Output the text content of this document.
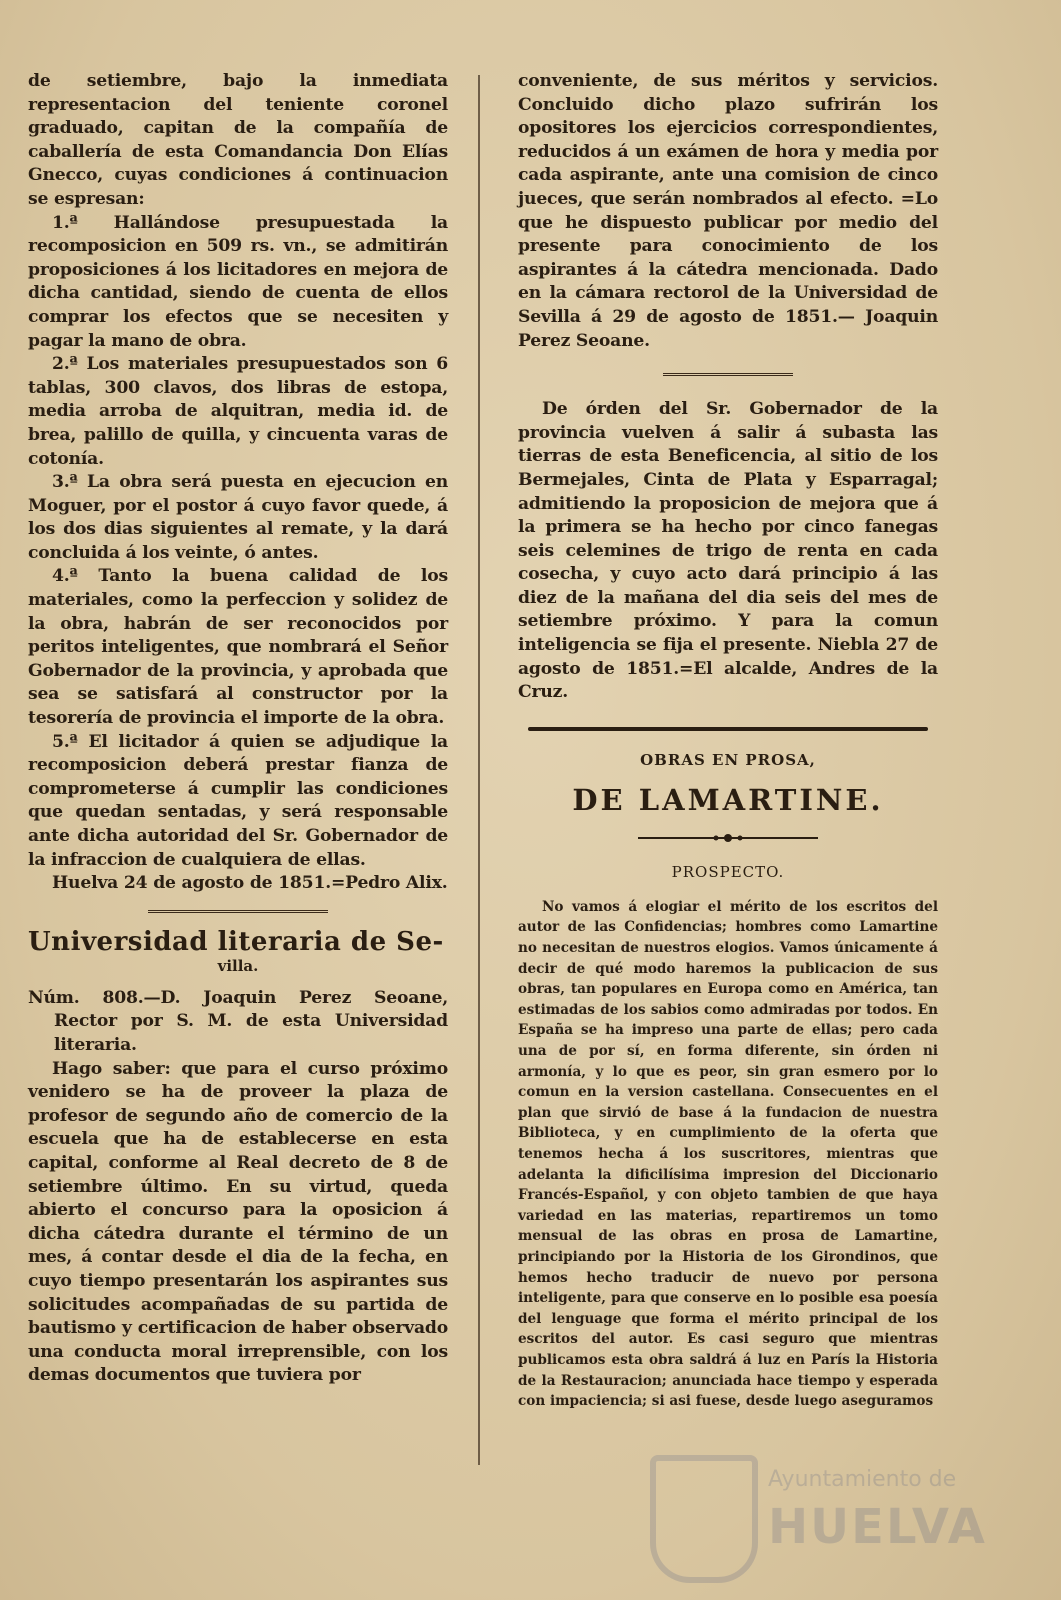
de setiembre, bajo la inmediata representacion del teniente coronel graduado, capitan de la compañía de caballería de esta Comandancia Don Elías Gnecco, cuyas condiciones á continuacion se espresan:

1.ª Hallándose presupuestada la recomposicion en 509 rs. vn., se admitirán proposiciones á los licitadores en mejora de dicha cantidad, siendo de cuenta de ellos comprar los efectos que se necesiten y pagar la mano de obra.

2.ª Los materiales presupuestados son 6 tablas, 300 clavos, dos libras de estopa, media arroba de alquitran, media id. de brea, palillo de quilla, y cincuenta varas de cotonía.

3.ª La obra será puesta en ejecucion en Moguer, por el postor á cuyo favor quede, á los dos dias siguientes al remate, y la dará concluida á los veinte, ó antes.

4.ª Tanto la buena calidad de los materiales, como la perfeccion y solidez de la obra, habrán de ser reconocidos por peritos inteligentes, que nombrará el Señor Gobernador de la provincia, y aprobada que sea se satisfará al constructor por la tesorería de provincia el importe de la obra.

5.ª El licitador á quien se adjudique la recomposicion deberá prestar fianza de comprometerse á cumplir las condiciones que quedan sentadas, y será responsable ante dicha autoridad del Sr. Gobernador de la infraccion de cualquiera de ellas.

Huelva 24 de agosto de 1851.=Pedro Alix.

Universidad literaria de Se-
villa.

Núm. 808.—D. Joaquin Perez Seoane, Rector por S. M. de esta Universidad literaria.

Hago saber: que para el curso próximo venidero se ha de proveer la plaza de profesor de segundo año de comercio de la escuela que ha de establecerse en esta capital, conforme al Real decreto de 8 de setiembre último. En su virtud, queda abierto el concurso para la oposicion á dicha cátedra durante el término de un mes, á contar desde el dia de la fecha, en cuyo tiempo presentarán los aspirantes sus solicitudes acompañadas de su partida de bautismo y certificacion de haber observado una conducta moral irreprensible, con los demas documentos que tuviera por

conveniente, de sus méritos y servicios. Concluido dicho plazo sufrirán los opositores los ejercicios correspondientes, reducidos á un exámen de hora y media por cada aspirante, ante una comision de cinco jueces, que serán nombrados al efecto. =Lo que he dispuesto publicar por medio del presente para conocimiento de los aspirantes á la cátedra mencionada. Dado en la cámara rectorol de la Universidad de Sevilla á 29 de agosto de 1851.— Joaquin Perez Seoane.

De órden del Sr. Gobernador de la provincia vuelven á salir á subasta las tierras de esta Beneficencia, al sitio de los Bermejales, Cinta de Plata y Esparragal; admitiendo la proposicion de mejora que á la primera se ha hecho por cinco fanegas seis celemines de trigo de renta en cada cosecha, y cuyo acto dará principio á las diez de la mañana del dia seis del mes de setiembre próximo. Y para la comun inteligencia se fija el presente. Niebla 27 de agosto de 1851.=El alcalde, Andres de la Cruz.

OBRAS EN PROSA,
DE LAMARTINE.
PROSPECTO.

No vamos á elogiar el mérito de los escritos del autor de las Confidencias; hombres como Lamartine no necesitan de nuestros elogios. Vamos únicamente á decir de qué modo haremos la publicacion de sus obras, tan populares en Europa como en América, tan estimadas de los sabios como admiradas por todos. En España se ha impreso una parte de ellas; pero cada una de por sí, en forma diferente, sin órden ni armonía, y lo que es peor, sin gran esmero por lo comun en la version castellana. Consecuentes en el plan que sirvió de base á la fundacion de nuestra Biblioteca, y en cumplimiento de la oferta que tenemos hecha á los suscritores, mientras que adelanta la dificilísima impresion del Diccionario Francés-Español, y con objeto tambien de que haya variedad en las materias, repartiremos un tomo mensual de las obras en prosa de Lamartine, principiando por la Historia de los Girondinos, que hemos hecho traducir de nuevo por persona inteligente, para que conserve en lo posible esa poesía del lenguage que forma el mérito principal de los escritos del autor. Es casi seguro que mientras publicamos esta obra saldrá á luz en París la Historia de la Restauracion; anunciada hace tiempo y esperada con impaciencia; si asi fuese, desde luego aseguramos

Ayuntamiento de
HUELVA
